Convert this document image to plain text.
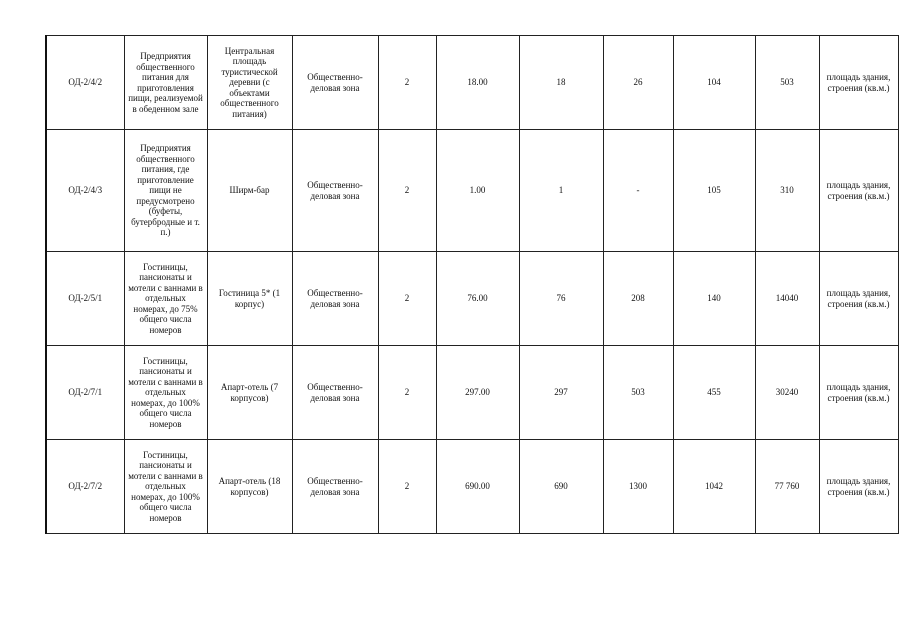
ОД-2/4/2	Предприятия общественного питания для приготовления пищи, реализуемой в обеденном зале	Центральная площадь туристической деревни (с объектами общественного питания)	Общественно-деловая зона	2	18.00	18	26	104	503	площадь здания, строения (кв.м.)
ОД-2/4/3	Предприятия общественного питания, где приготовление пищи не предусмотрено (буфеты, бутербродные и т. п.)	Ширм-бар	Общественно-деловая зона	2	1.00	1	-	105	310	площадь здания, строения (кв.м.)
ОД-2/5/1	Гостиницы, пансионаты и мотели с ваннами в отдельных номерах, до 75% общего числа номеров	Гостиница 5* (1 корпус)	Общественно-деловая зона	2	76.00	76	208	140	14040	площадь здания, строения (кв.м.)
ОД-2/7/1	Гостиницы, пансионаты и мотели с ваннами в отдельных номерах, до 100% общего числа номеров	Апарт-отель (7 корпусов)	Общественно-деловая зона	2	297.00	297	503	455	30240	площадь здания, строения (кв.м.)
ОД-2/7/2	Гостиницы, пансионаты и мотели с ваннами в отдельных номерах, до 100% общего числа номеров	Апарт-отель (18 корпусов)	Общественно-деловая зона	2	690.00	690	1300	1042	77 760	площадь здания, строения (кв.м.)
